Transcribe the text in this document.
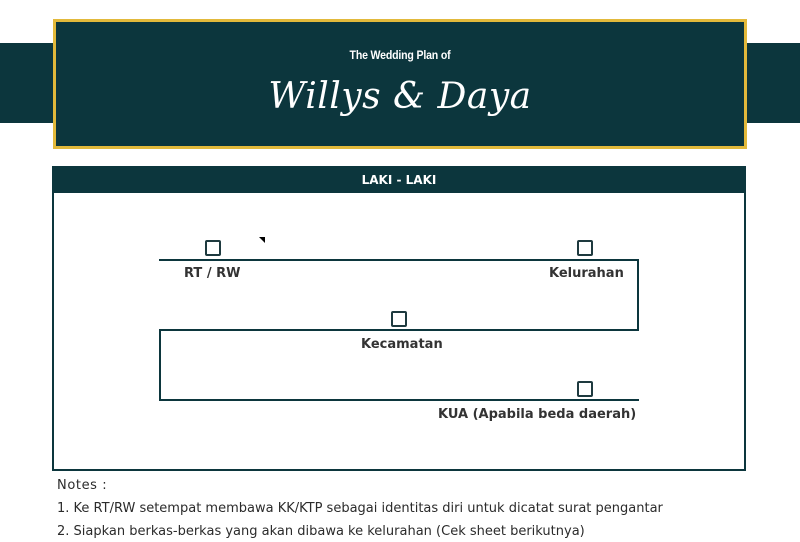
The Wedding Plan of
Willys & Daya
LAKI - LAKI
RT / RW	Kelurahan
Kecamatan
KUA (Apabila beda daerah)
Notes :
1. Ke RT/RW setempat membawa KK/KTP sebagai identitas diri untuk dicatat surat pengantar
2. Siapkan berkas-berkas yang akan dibawa ke kelurahan (Cek sheet berikutnya)
